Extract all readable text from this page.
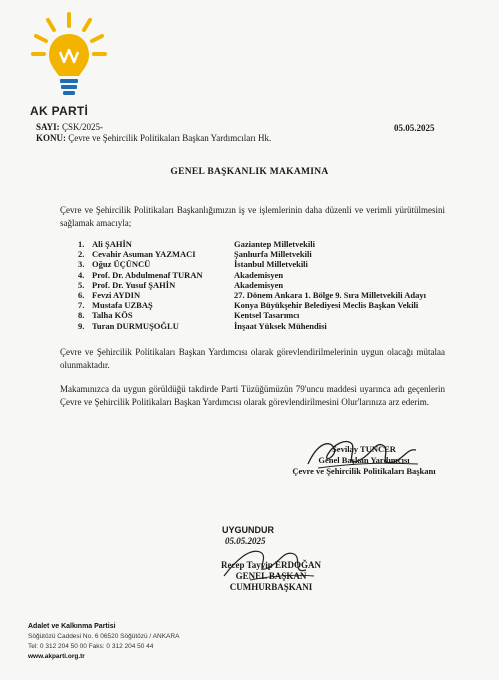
AK PARTİ
SAYI: ÇSK/2025-
KONU: Çevre ve Şehircilik Politikaları Başkan Yardımcıları Hk.
05.05.2025
GENEL BAŞKANLIK MAKAMINA
Çevre ve Şehircilik Politikaları Başkanlığımızın iş ve işlemlerinin daha düzenli ve verimli yürütülmesini sağlamak amacıyla;
1. Ali ŞAHİN	Gaziantep Milletvekili
2. Cevahir Asuman YAZMACI	Şanlıurfa Milletvekili
3. Oğuz ÜÇÜNCÜ	İstanbul Milletvekili
4. Prof. Dr. Abdulmenaf TURAN	Akademisyen
5. Prof. Dr. Yusuf ŞAHİN	Akademisyen
6. Fevzi AYDIN	27. Dönem Ankara 1. Bölge 9. Sıra Milletvekili Adayı
7. Mustafa UZBAŞ	Konya Büyükşehir Belediyesi Meclis Başkan Vekili
8. Talha KÖS	Kentsel Tasarımcı
9. Turan DURMUŞOĞLU	İnşaat Yüksek Mühendisi
Çevre ve Şehircilik Politikaları Başkan Yardımcısı olarak görevlendirilmelerinin uygun olacağı mütalaa olunmaktadır.
Makamınızca da uygun görüldüğü takdirde Parti Tüzüğümüzün 79'uncu maddesi uyarınca adı geçenlerin Çevre ve Şehircilik Politikaları Başkan Yardımcısı olarak görevlendirilmesini Olur'larınıza arz ederim.
Sevilay TUNCER
Genel Başkan Yardımcısı
Çevre ve Şehircilik Politikaları Başkanı
UYGUNDUR
05.05.2025
Recep Tayyip ERDOĞAN
GENEL BAŞKAN
CUMHURBAŞKANI
Adalet ve Kalkınma Partisi
Söğütözü Caddesi No. 6 06520 Söğütözü / ANKARA
Tel: 0 312 204 50 00 Faks: 0 312 204 50 44
www.akparti.org.tr
